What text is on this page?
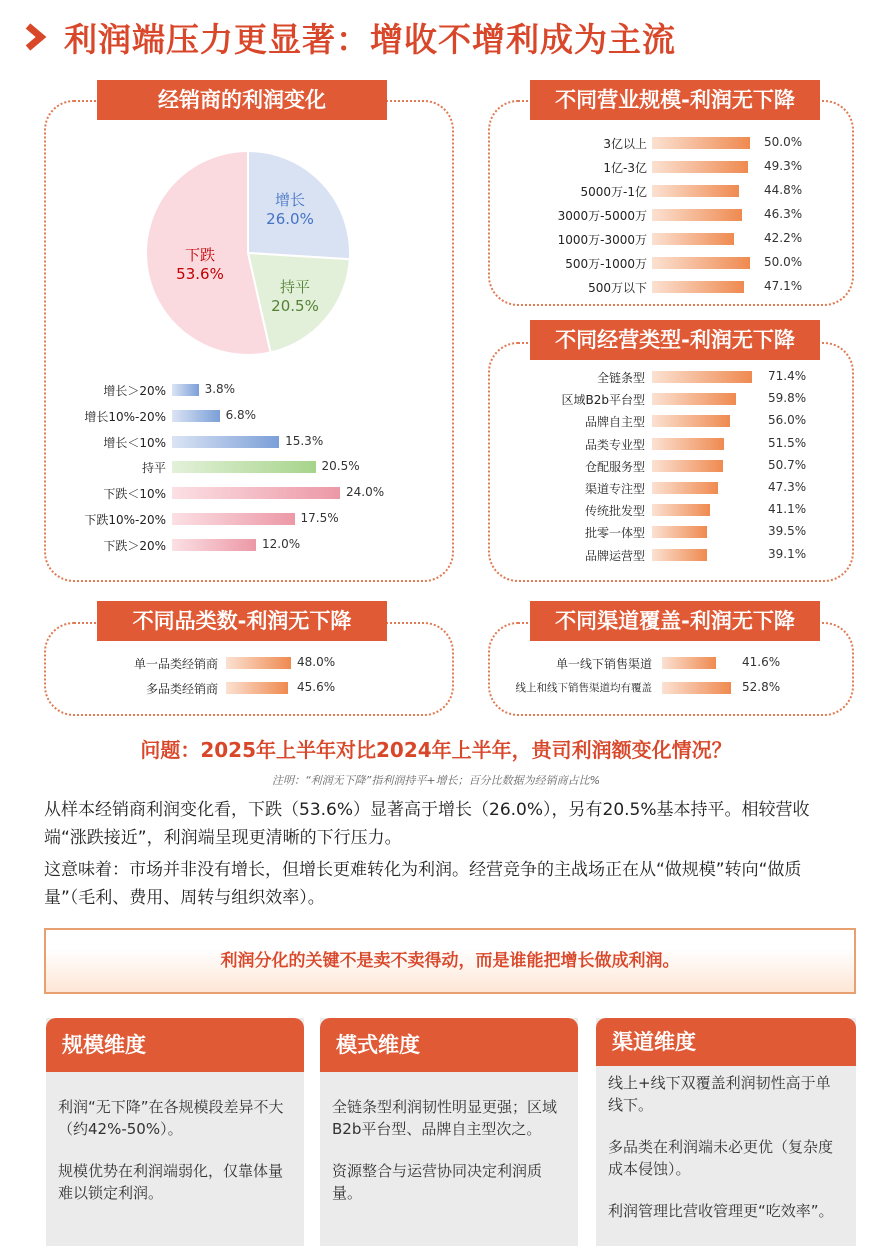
利润端压力更显著：增收不增利成为主流
经销商的利润变化
增长
26.0%
持平
20.5%
下跌
53.6%
增长＞20%	3.8%
增长10%-20%	6.8%
增长＜10%	15.3%
持平	20.5%
下跌＜10%	24.0%
下跌10%-20%	17.5%
下跌＞20%	12.0%
不同营业规模-利润无下降
3亿以上	50.0%
1亿-3亿	49.3%
5000万-1亿	44.8%
3000万-5000万	46.3%
1000万-3000万	42.2%
500万-1000万	50.0%
500万以下	47.1%
不同经营类型-利润无下降
全链条型	71.4%
区域B2b平台型	59.8%
品牌自主型	56.0%
品类专业型	51.5%
仓配服务型	50.7%
渠道专注型	47.3%
传统批发型	41.1%
批零一体型	39.5%
品牌运营型	39.1%
不同品类数-利润无下降
单一品类经销商	48.0%
多品类经销商	45.6%
不同渠道覆盖-利润无下降
单一线下销售渠道	41.6%
线上和线下销售渠道均有覆盖	52.8%
问题：2025年上半年对比2024年上半年，贵司利润额变化情况？
注明：“利润无下降”指利润持平+增长；百分比数据为经销商占比%
从样本经销商利润变化看，下跌（53.6%）显著高于增长（26.0%），另有20.5%基本持平。相较营收端“涨跌接近”，利润端呈现更清晰的下行压力。
这意味着：市场并非没有增长，但增长更难转化为利润。经营竞争的主战场正在从“做规模”转向“做质量”（毛利、费用、周转与组织效率）。
利润分化的关键不是卖不卖得动，而是谁能把增长做成利润。
规模维度

利润“无下降”在各规模段差异不大（约42%-50%）。

规模优势在利润端弱化，仅靠体量难以锁定利润。

模式维度

全链条型利润韧性明显更强；区域B2b平台型、品牌自主型次之。

资源整合与运营协同决定利润质量。

渠道维度

线上+线下双覆盖利润韧性高于单线下。

多品类在利润端未必更优（复杂度成本侵蚀）。

利润管理比营收管理更“吃效率”。
